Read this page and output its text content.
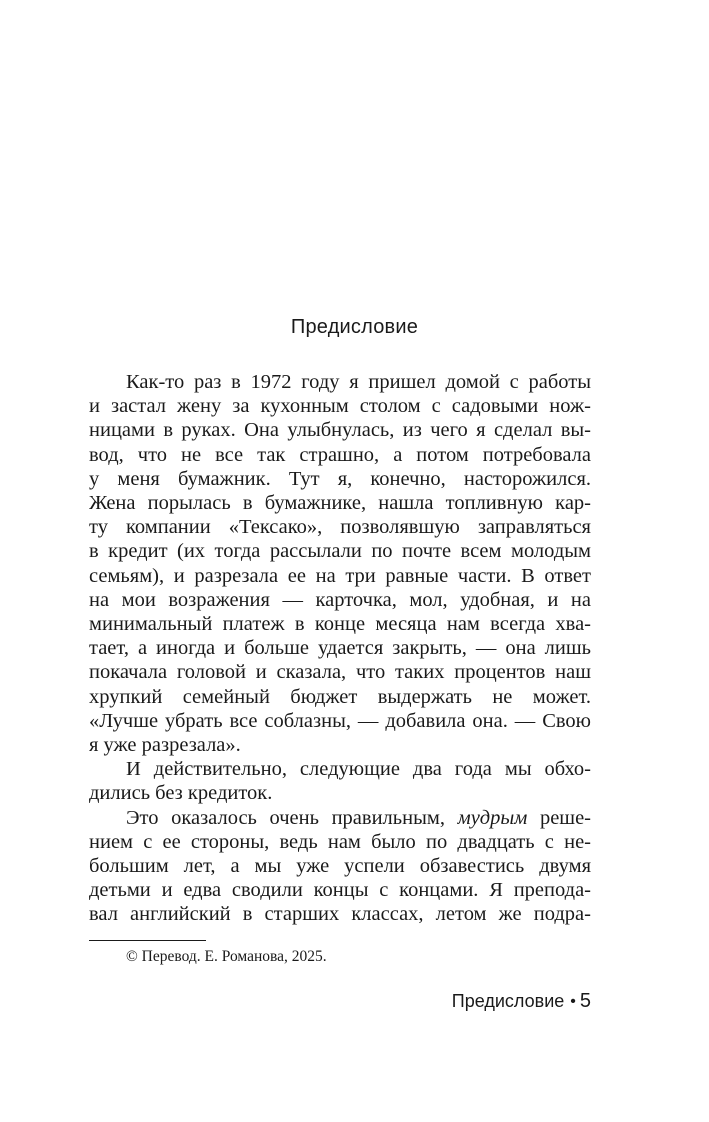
Предисловие
Как-то раз в 1972 году я пришел домой с работы
и застал жену за кухонным столом с садовыми нож-
ницами в руках. Она улыбнулась, из чего я сделал вы-
вод, что не все так страшно, а потом потребовала
у меня бумажник. Тут я, конечно, насторожился.
Жена порылась в бумажнике, нашла топливную кар-
ту компании «Тексако», позволявшую заправляться
в кредит (их тогда рассылали по почте всем молодым
семьям), и разрезала ее на три равные части. В ответ
на мои возражения — карточка, мол, удобная, и на
минимальный платеж в конце месяца нам всегда хва-
тает, а иногда и больше удается закрыть, — она лишь
покачала головой и сказала, что таких процентов наш
хрупкий семейный бюджет выдержать не может.
«Лучше убрать все соблазны, — добавила она. — Свою
я уже разрезала».
И действительно, следующие два года мы обхо-
дились без кредиток.
Это оказалось очень правильным, мудрым реше-
нием с ее стороны, ведь нам было по двадцать с не-
большим лет, а мы уже успели обзавестись двумя
детьми и едва сводили концы с концами. Я препода-
вал английский в старших классах, летом же подра-
© Перевод. Е. Романова, 2025.
Предисловие • 5
